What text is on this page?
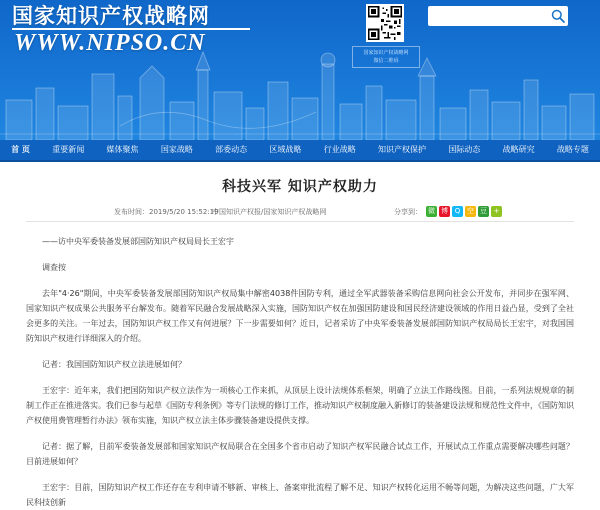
国家知识产权战略网
WWW.NIPSO.CN	国家知识产权战略网
微信二维码
首 页	重要新闻	媒体聚焦	国家战略	部委动态	区域战略	行业战略	知识产权保护	国际动态	战略研究	战略专题
科技兴军 知识产权助力
发布时间：2019/5/20 15:52:19
中国知识产权报/国家知识产权战略网	分享到： 微 博 Q 空 豆 +

——访中央军委装备发展部国防知识产权局局长王宏宇

调查按

去年"4·26"期间，中央军委装备发展部国防知识产权局集中解密4038件国防专利，通过全军武器装备采购信息网向社会公开发布，并同步在强军网、国家知识产权成果公共服务平台解发布。随着军民融合发展战略深入实施，国防知识产权在加强国防建设和国民经济建设领域的作用日益凸显，受到了全社会更多的关注。一年过去，国防知识产权工作又有何进展？下一步需要如何？近日，记者采访了中央军委装备发展部国防知识产权局局长王宏宇，对我国国防知识产权进行详细深入的介绍。

记者：我国国防知识产权立法进展如何？

王宏宇：近年来，我们把国防知识产权立法作为一项核心工作来抓，从顶层上设计法规体系框架，明确了立法工作路线图。目前，一系列法规规章的制制工作正在推进落实。我们已参与起草《国防专利条例》等专门法规的修订工作，推动知识产权制度融入新修订的装备建设法规和规范性文件中，《国防知识产权使用费管理暂行办法》领布实施，知识产权立法主体步骤装备建设提供支撑。

记者：据了解，目前军委装备发展部和国家知识产权局联合在全国多个省市启动了知识产权军民融合试点工作，开展试点工作重点需要解决哪些问题？目前进展如何？

王宏宇：目前，国防知识产权工作还存在专利申请不够新、审核上、备案审批流程了解不足、知识产权转化运用不畅等问题，为解决这些问题，广大军民科技创新
